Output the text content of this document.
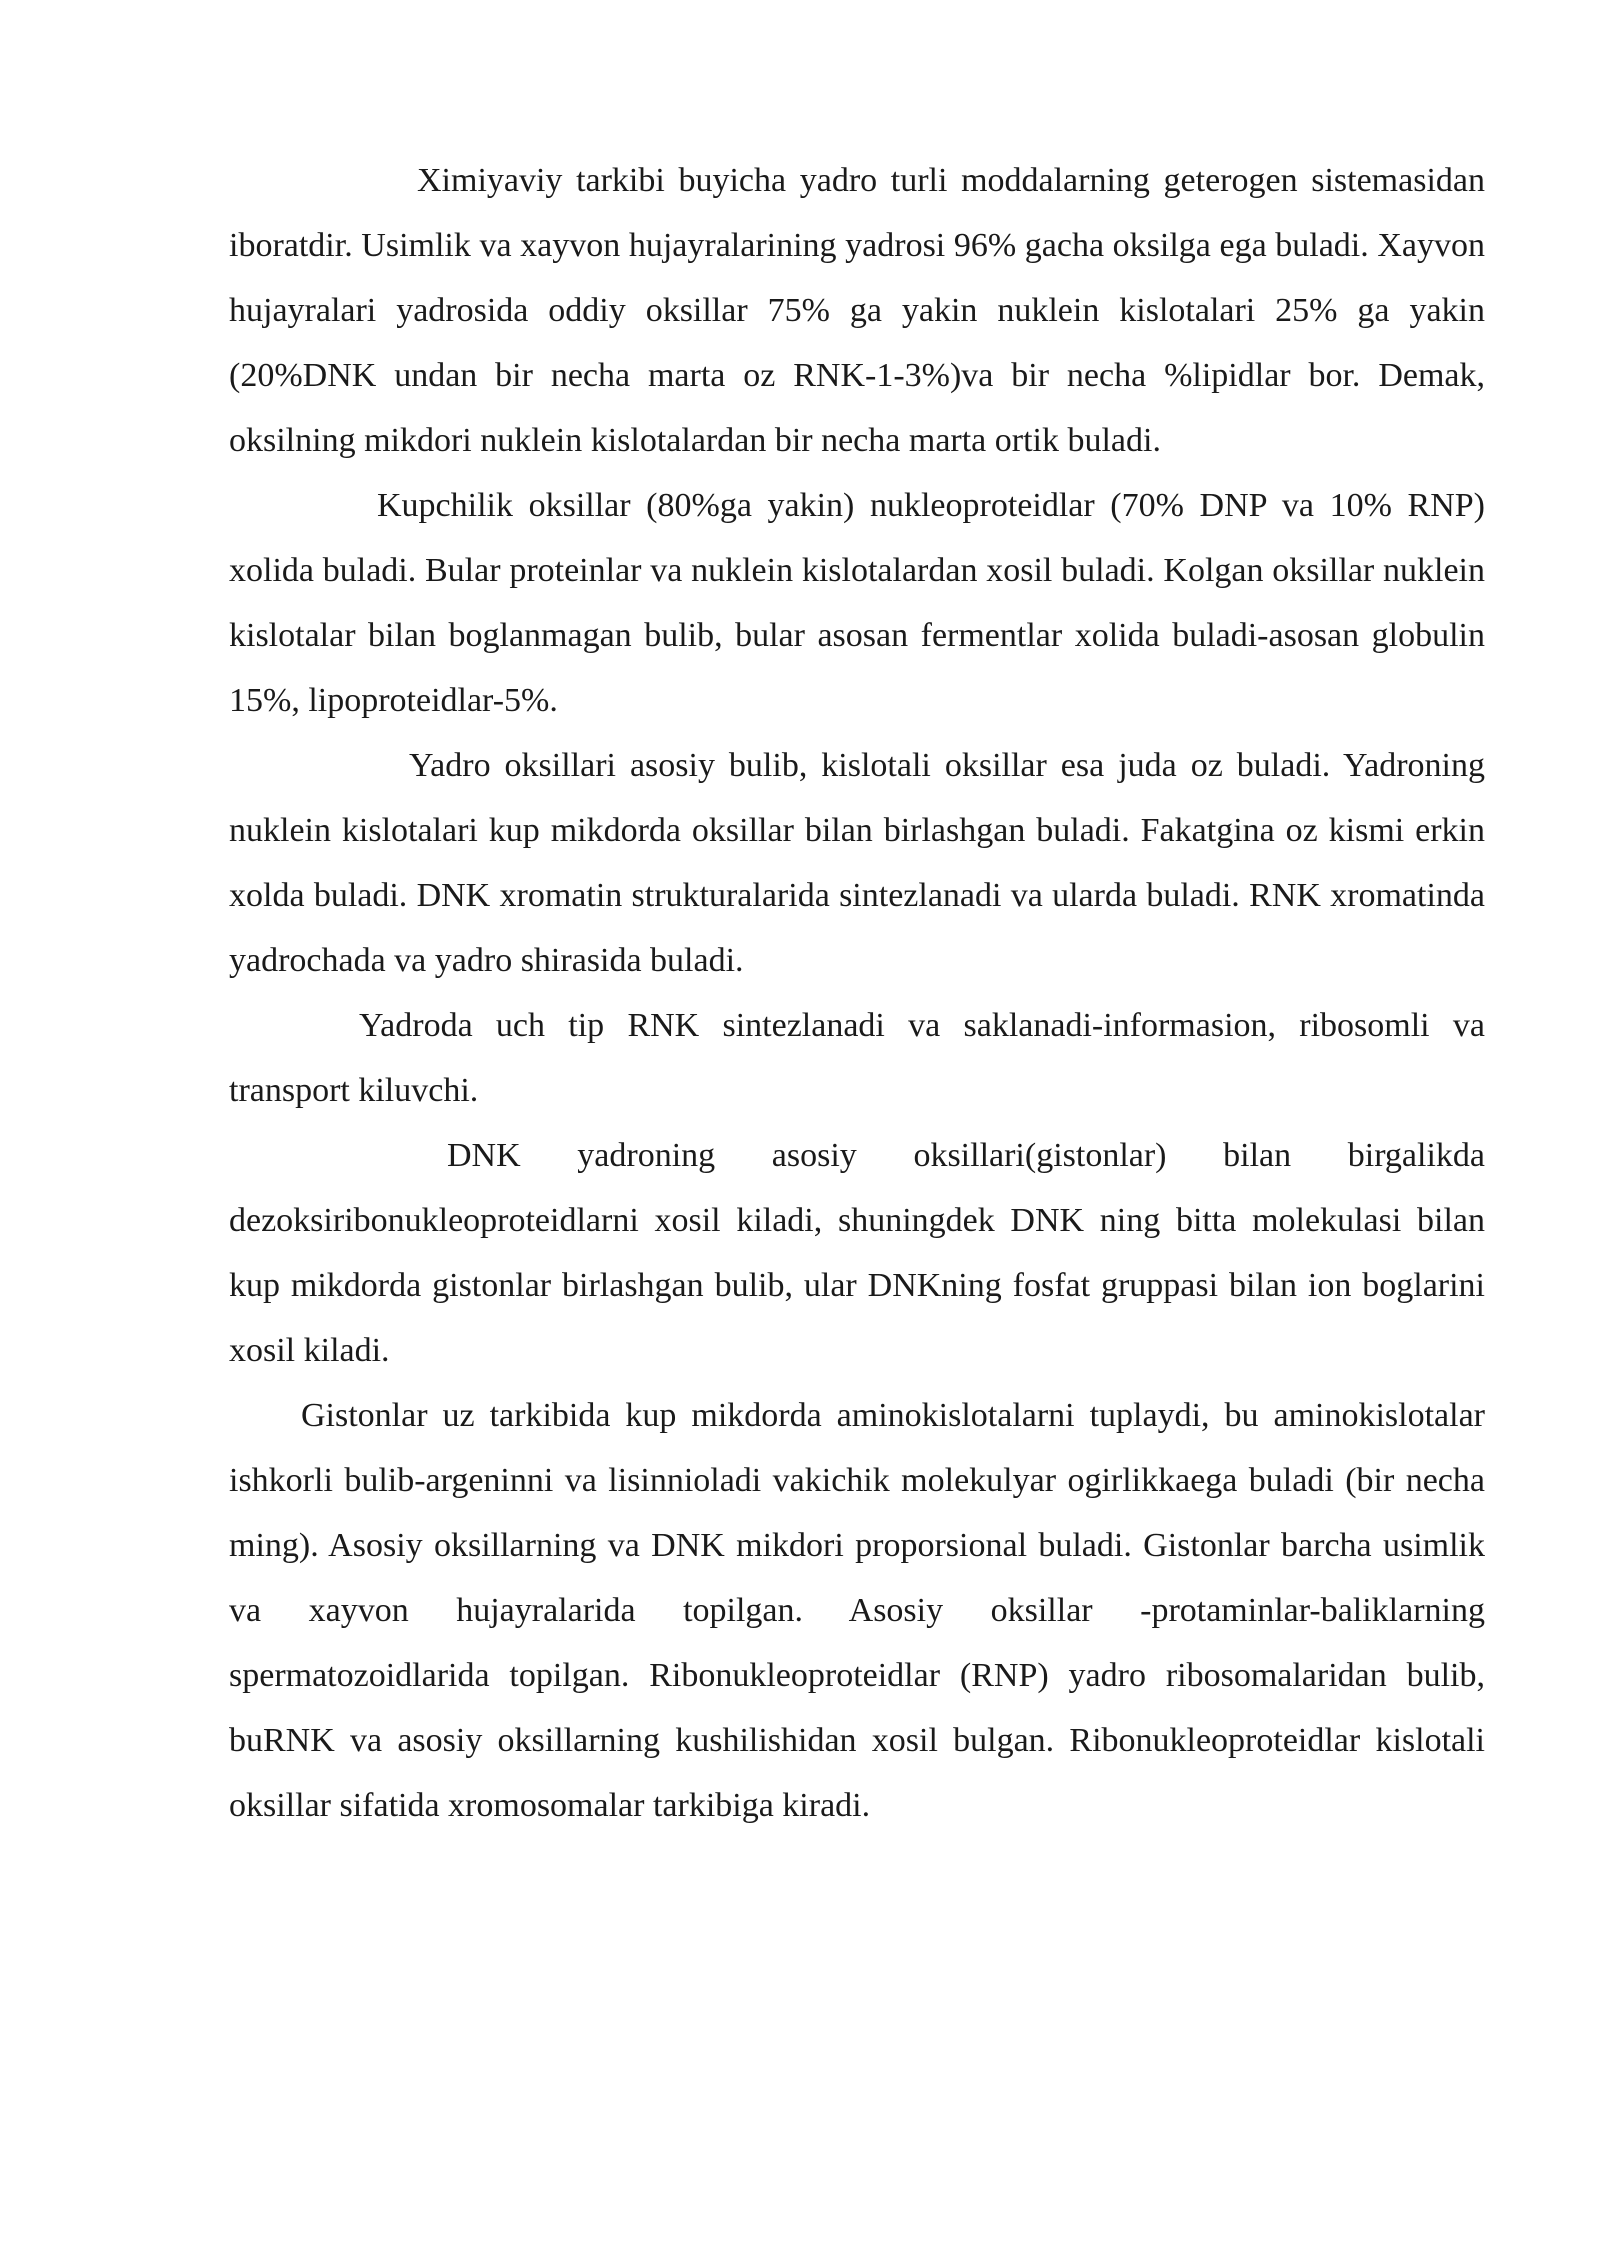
Ximiyaviy tarkibi buyicha yadro turli moddalarning geterogen sistemasidan iboratdir. Usimlik va xayvon hujayralarining yadrosi 96% gacha oksilga ega buladi. Xayvon hujayralari yadrosida oddiy oksillar 75% ga yakin nuklein kislotalari 25% ga yakin (20%DNK undan bir necha marta oz RNK-1-3%)va bir necha %lipidlar bor. Demak, oksilning mikdori nuklein kislotalardan bir necha marta ortik buladi.

Kupchilik oksillar (80%ga yakin) nukleoproteidlar (70% DNP va 10% RNP) xolida buladi. Bular proteinlar va nuklein kislotalardan xosil buladi. Kolgan oksillar nuklein kislotalar bilan boglanmagan bulib, bular asosan fermentlar xolida buladi-asosan globulin 15%, lipoproteidlar-5%.

Yadro oksillari asosiy bulib, kislotali oksillar esa juda oz buladi. Yadroning nuklein kislotalari kup mikdorda oksillar bilan birlashgan buladi. Fakatgina oz kismi erkin xolda buladi. DNK xromatin strukturalarida sintezlanadi va ularda buladi. RNK xromatinda yadrochada va yadro shirasida buladi.

Yadroda uch tip RNK sintezlanadi va saklanadi-informasion, ribosomli va transport kiluvchi.

DNK yadroning asosiy oksillari(gistonlar) bilan birgalikda dezoksiribonukleoproteidlarni xosil kiladi, shuningdek DNK ning bitta molekulasi bilan kup mikdorda gistonlar birlashgan bulib, ular DNKning fosfat gruppasi bilan ion boglarini xosil kiladi.

Gistonlar uz tarkibida kup mikdorda aminokislotalarni tuplaydi, bu aminokislotalar ishkorli bulib-argeninni va lisinnioladi vakichik molekulyar ogirlikkaega buladi (bir necha ming). Asosiy oksillarning va DNK mikdori proporsional buladi. Gistonlar barcha usimlik va xayvon hujayralarida topilgan. Asosiy oksillar -protaminlar-baliklarning spermatozoidlarida topilgan. Ribonukleoproteidlar (RNP) yadro ribosomalaridan bulib, buRNK va asosiy oksillarning kushilishidan xosil bulgan. Ribonukleoproteidlar kislotali oksillar sifatida xromosomalar tarkibiga kiradi.
